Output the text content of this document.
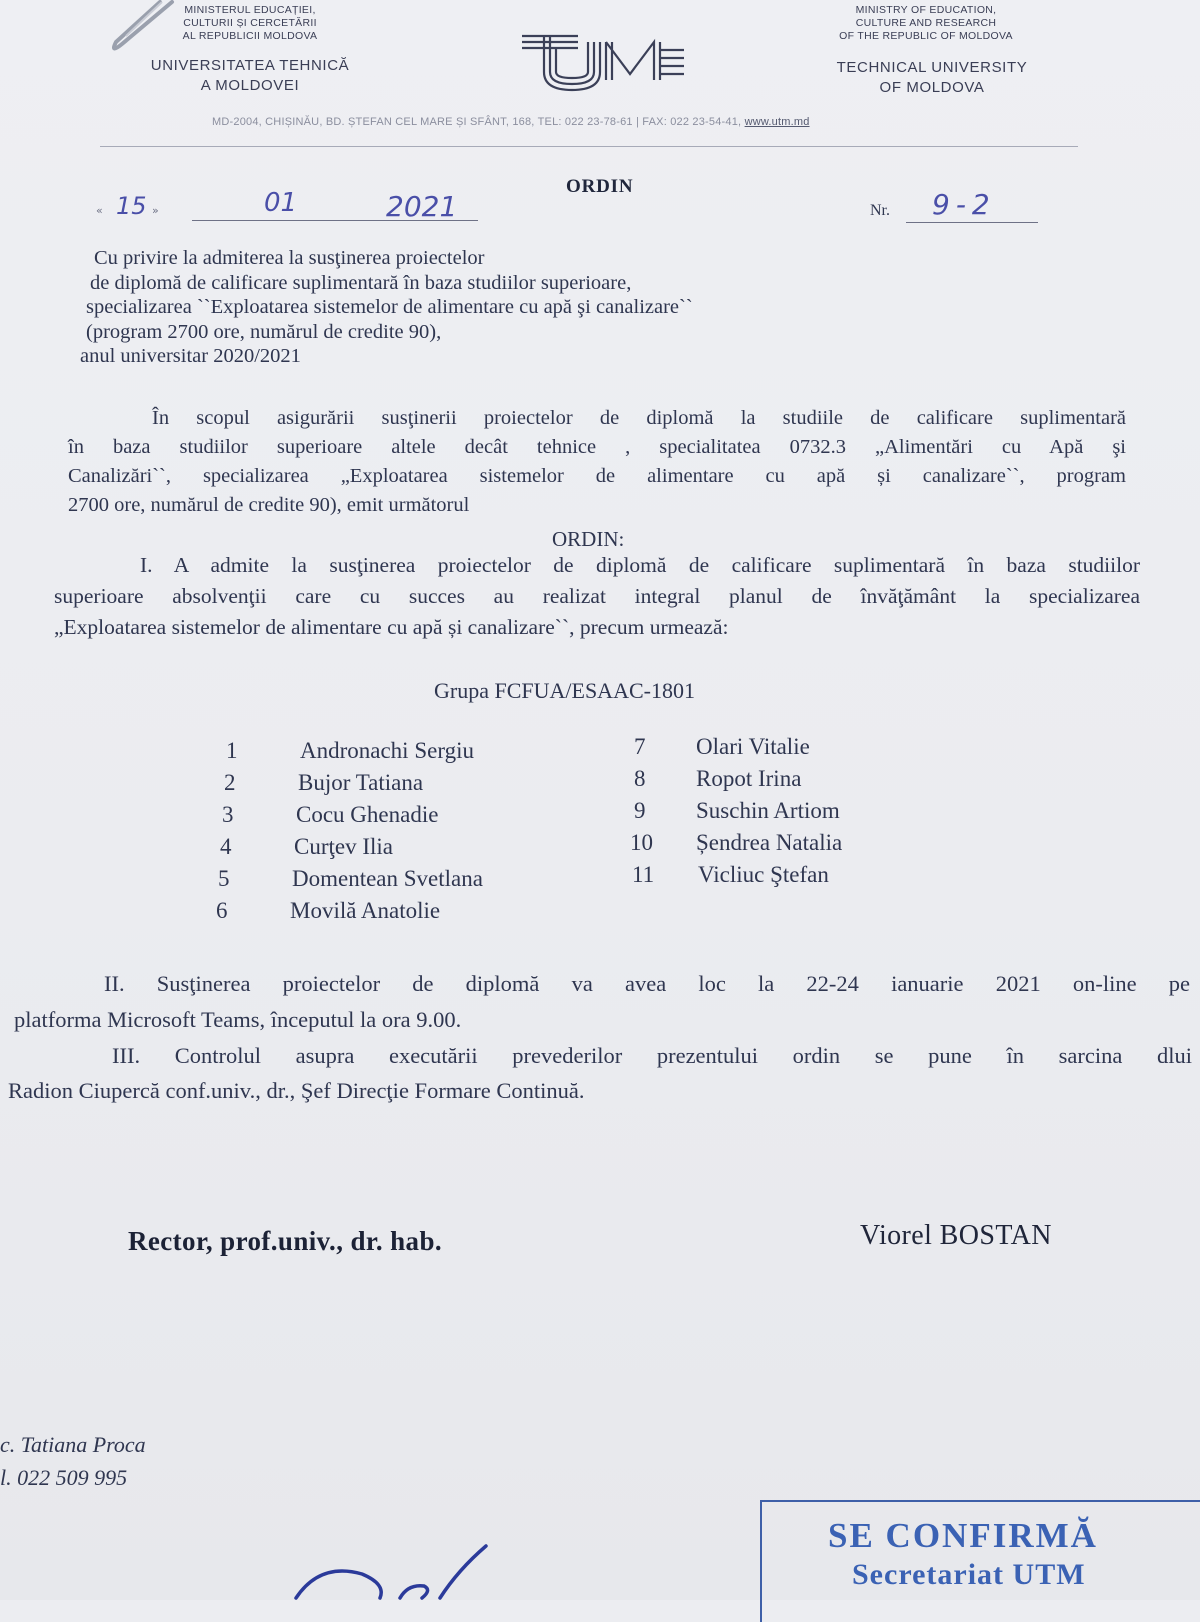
MINISTERUL EDUCAȚIEI,
CULTURII ȘI CERCETĂRII
AL REPUBLICII MOLDOVA
UNIVERSITATEA TEHNICĂ
A MOLDOVEI
UTM
MINISTRY OF EDUCATION,
CULTURE AND RESEARCH
OF THE REPUBLIC OF MOLDOVA
TECHNICAL UNIVERSITY
OF MOLDOVA
MD-2004, CHIȘINĂU, BD. ȘTEFAN CEL MARE ȘI SFÂNT, 168, TEL: 022 23-78-61 | FAX: 022 23-54-41, www.utm.md
ORDIN
« 15 »	01	2021	Nr. 9-2
Cu privire la admiterea la susţinerea proiectelor
de diplomă de calificare suplimentară în baza studiilor superioare,
specializarea ``Exploatarea sistemelor de alimentare cu apă şi canalizare``
(program 2700 ore, numărul de credite 90),
anul universitar 2020/2021
În scopul asigurării susţinerii proiectelor de diplomă la studiile de calificare suplimentară
în baza studiilor superioare altele decât tehnice , specialitatea 0732.3 „Alimentări cu Apă şi
Canalizări``, specializarea „Exploatarea sistemelor de alimentare cu apă și canalizare``, program
2700 ore, numărul de credite 90), emit următorul
ORDIN:
I. A admite la susţinerea proiectelor de diplomă de calificare suplimentară în baza studiilor
superioare absolvenţii care cu succes au realizat integral planul de învăţământ la specializarea
„Exploatarea sistemelor de alimentare cu apă și canalizare``, precum urmează:
Grupa FCFUA/ESAAC-1801
1	Andronachi Sergiu
2	Bujor Tatiana
3	Cocu Ghenadie
4	Curţev Ilia
5	Domentean Svetlana
6	Movilă Anatolie
7 Olari Vitalie
8 Ropot Irina
9 Suschin Artiom
10 Șendrea Natalia
11 Vicliuc Ştefan
II. Susţinerea proiectelor de diplomă va avea loc la 22-24 ianuarie 2021 on-line pe
platforma Microsoft Teams, începutul la ora 9.00.
III. Controlul asupra executării prevederilor prezentului ordin se pune în sarcina dlui
Radion Ciupercă conf.univ., dr., Şef Direcţie Formare Continuă.
Rector, prof.univ., dr. hab.	Viorel BOSTAN
c. Tatiana Proca
l. 022 509 995
SE CONFIRMĂ
Secretariat UTM
